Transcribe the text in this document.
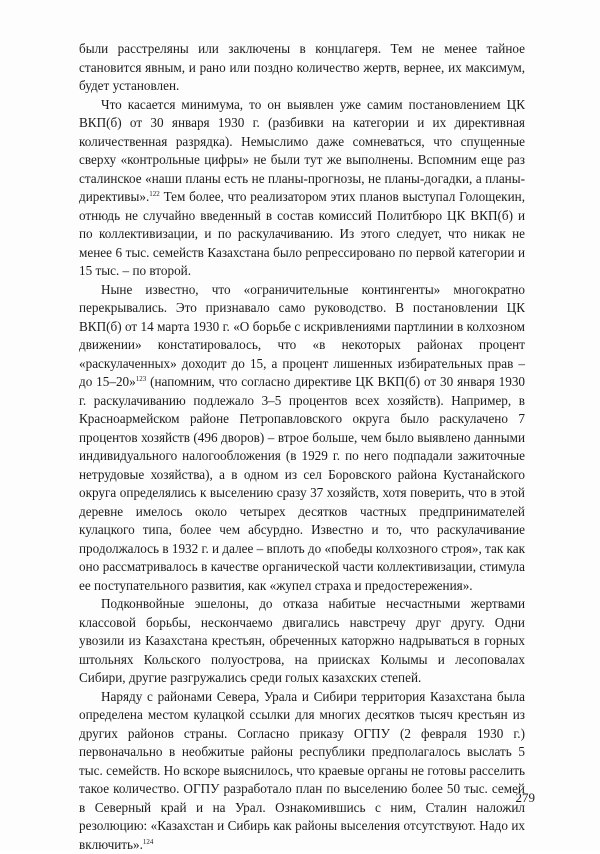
были расстреляны или заключены в концлагеря. Тем не менее тайное становится явным, и рано или поздно количество жертв, вернее, их максимум, будет установлен.

Что касается минимума, то он выявлен уже самим постановлением ЦК ВКП(б) от 30 января 1930 г. (разбивки на категории и их директивная количественная разрядка). Немыслимо даже сомневаться, что спущенные сверху «контрольные цифры» не были тут же выполнены. Вспомним еще раз сталинское «наши планы есть не планы-прогнозы, не планы-догадки, а планы-директивы».$^{122}$ Тем более, что реализатором этих планов выступал Голощекин, отнюдь не случайно введенный в состав комиссий Политбюро ЦК ВКП(б) и по коллективизации, и по раскулачиванию. Из этого следует, что никак не менее 6 тыс. семейств Казахстана было репрессировано по первой категории и 15 тыс. – по второй.

Ныне известно, что «ограничительные контингенты» многократно перекрывались. Это признавало само руководство. В постановлении ЦК ВКП(б) от 14 марта 1930 г. «О борьбе с искривлениями партлинии в колхозном движении» констатировалось, что «в некоторых районах процент «раскулаченных» доходит до 15, а процент лишенных избирательных прав – до 15–20»$^{123}$ (напомним, что согласно директиве ЦК ВКП(б) от 30 января 1930 г. раскулачиванию подлежало 3–5 процентов всех хозяйств). Например, в Красноармейском районе Петропавловского округа было раскулачено 7 процентов хозяйств (496 дворов) – втрое больше, чем было выявлено данными индивидуального налогообложения (в 1929 г. по него подпадали зажиточные нетрудовые хозяйства), а в одном из сел Боровского района Кустанайского округа определялись к выселению сразу 37 хозяйств, хотя поверить, что в этой деревне имелось около четырех десятков частных предпринимателей кулацкого типа, более чем абсурдно. Известно и то, что раскулачивание продолжалось в 1932 г. и далее – вплоть до «победы колхозного строя», так как оно рассматривалось в качестве органической части коллективизации, стимула ее поступательного развития, как «жупел страха и предостережения».

Подконвойные эшелоны, до отказа набитые несчастными жертвами классовой борьбы, нескончаемо двигались навстречу друг другу. Одни увозили из Казахстана крестьян, обреченных каторжно надрываться в горных штольнях Кольского полуострова, на приисках Колымы и лесоповалах Сибири, другие разгружались среди голых казахских степей.

Наряду с районами Севера, Урала и Сибири территория Казахстана была определена местом кулацкой ссылки для многих десятков тысяч крестьян из других районов страны. Согласно приказу ОГПУ (2 февраля 1930 г.) первоначально в необжитые районы республики предполагалось выслать 5 тыс. семейств. Но вскоре выяснилось, что краевые органы не готовы расселить такое количество. ОГПУ разработало план по выселению более 50 тыс. семей в Северный край и на Урал. Ознакомившись с ним, Сталин наложил резолюцию: «Казахстан и Сибирь как районы выселения отсутствуют. Надо их включить».$^{124}$

279
